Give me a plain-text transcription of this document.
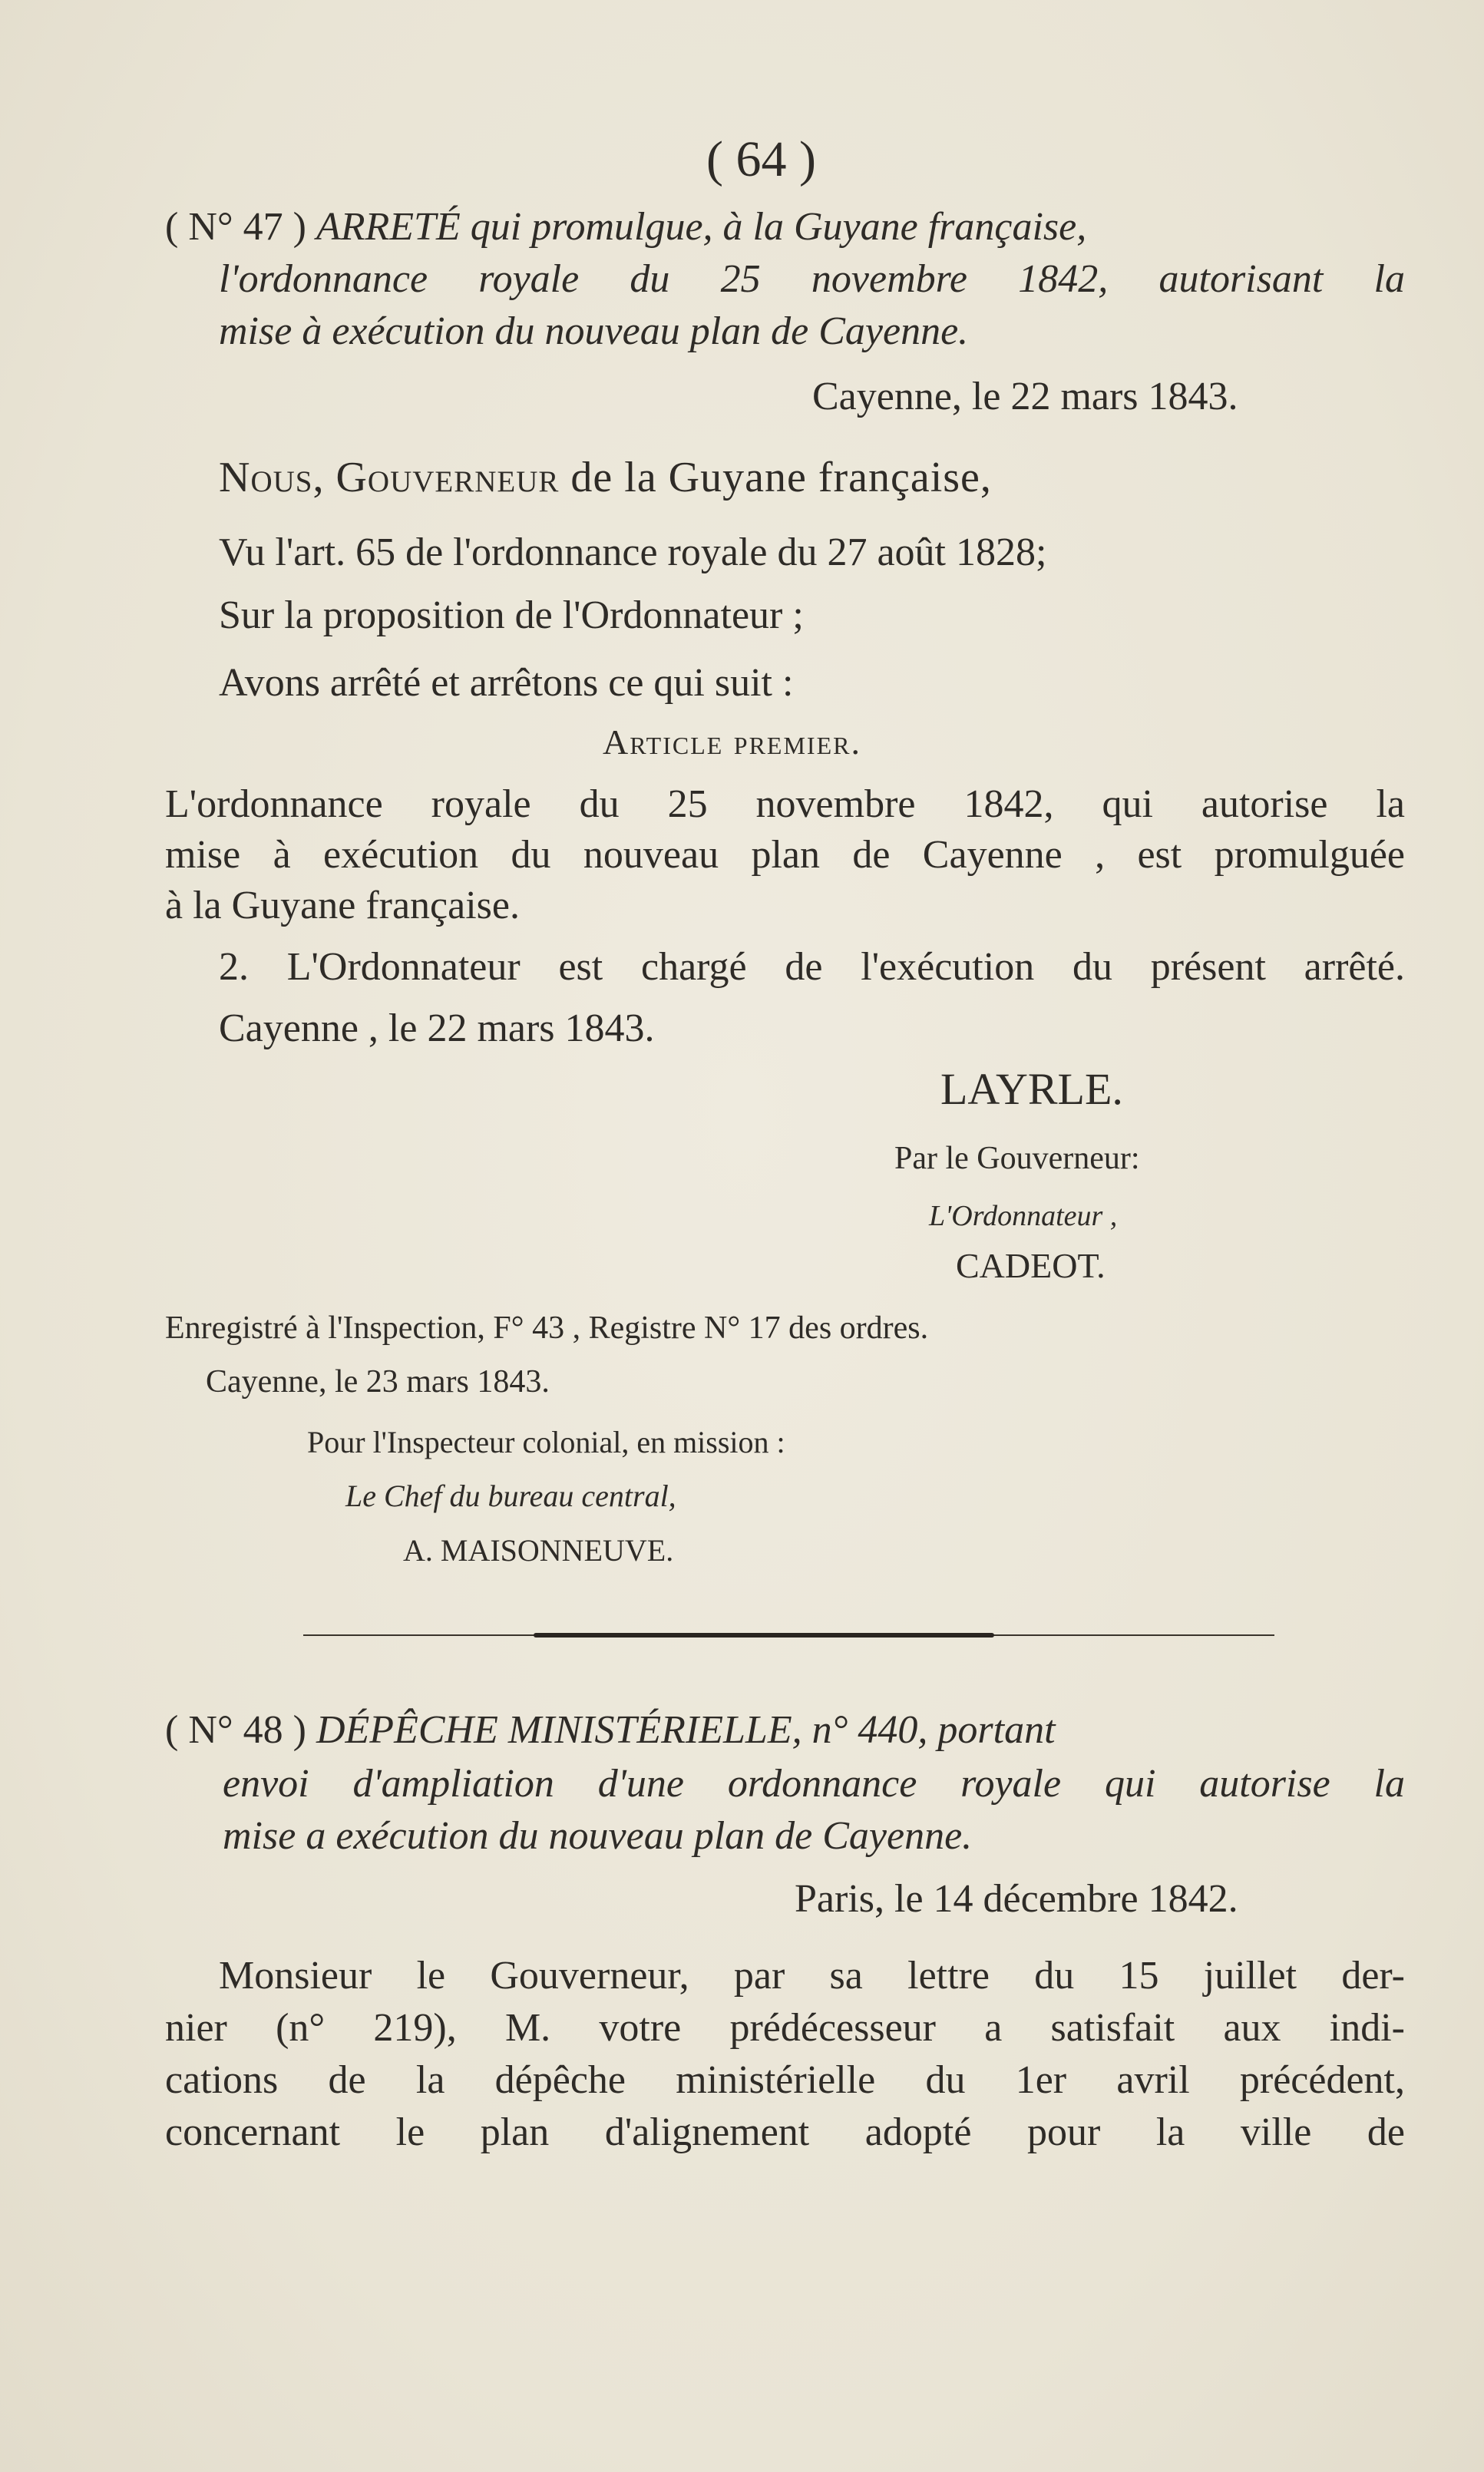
( 64 )
( N° 47 ) ARRETÉ qui promulgue, à la Guyane française,
l'ordonnance royale du 25 novembre 1842, autorisant la
mise à exécution du nouveau plan de Cayenne.
Cayenne, le 22 mars 1843.
Nous, Gouverneur de la Guyane française,
Vu l'art. 65 de l'ordonnance royale du 27 août 1828;
Sur la proposition de l'Ordonnateur ;
Avons arrêté et arrêtons ce qui suit :
Article premier.
L'ordonnance royale du 25 novembre 1842, qui autorise la
mise à exécution du nouveau plan de Cayenne , est promulguée
à la Guyane française.
2. L'Ordonnateur est chargé de l'exécution du présent arrêté.
Cayenne , le 22 mars 1843.
LAYRLE.
Par le Gouverneur:
L'Ordonnateur ,
CADEOT.
Enregistré à l'Inspection, F° 43 , Registre N° 17 des ordres.
Cayenne, le 23 mars 1843.
Pour l'Inspecteur colonial, en mission :
Le Chef du bureau central,
A. MAISONNEUVE.
( N° 48 ) DÉPÊCHE MINISTÉRIELLE, n° 440, portant
envoi d'ampliation d'une ordonnance royale qui autorise la
mise a exécution du nouveau plan de Cayenne.
Paris, le 14 décembre 1842.
Monsieur le Gouverneur, par sa lettre du 15 juillet der-
nier (n° 219), M. votre prédécesseur a satisfait aux indi-
cations de la dépêche ministérielle du 1er avril précédent,
concernant le plan d'alignement adopté pour la ville de
